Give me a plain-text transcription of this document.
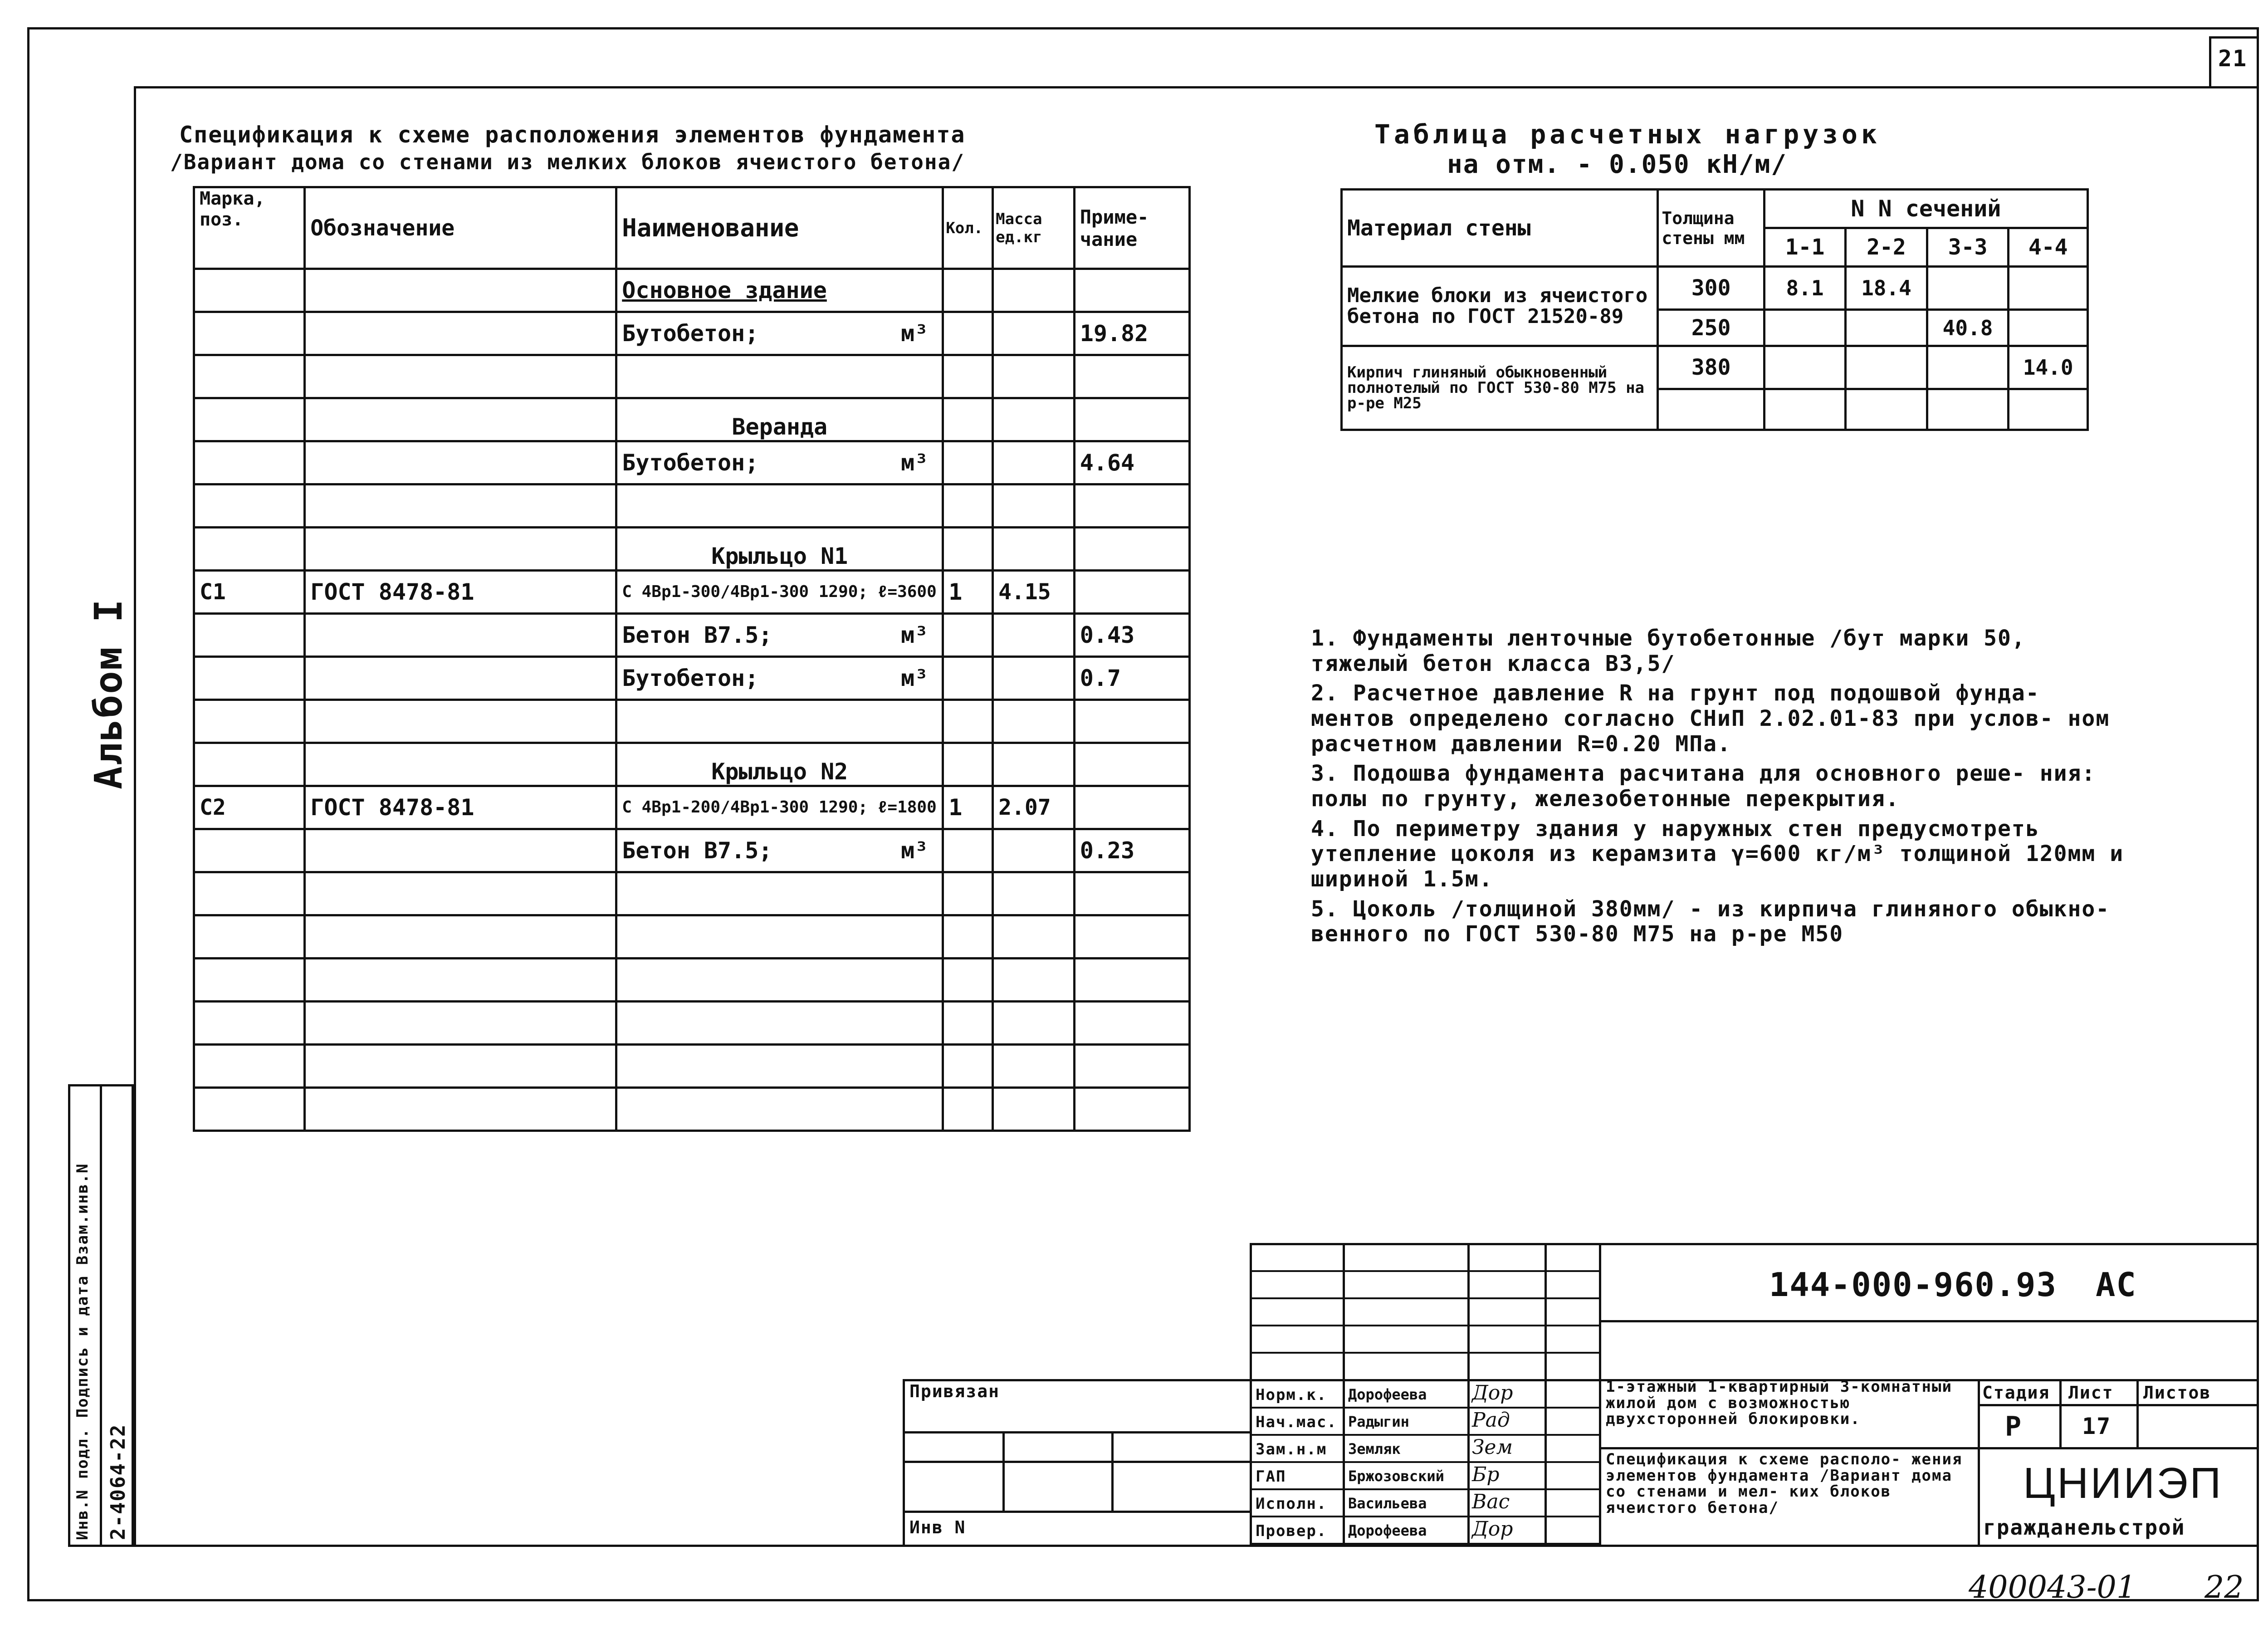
21
Альбом I
Инв.N подл. Подпись и дата Взам.инв.N 2-4064-22
Спецификация к схеме расположения элементов фундамента
/Вариант дома со стенами из мелких блоков ячеистого бетона/
Марка, поз.	Обозначение	Наименование	Кол.	Масса ед.кг	Приме- чание
		Основное здание			
		Бутобетон; м³			19.82

		Веранда			
		Бутобетон; м³			4.64

		Крыльцо N1			
С1	ГОСТ 8478-81	С 4Вр1-300/4Вр1-300 1290; ℓ=3600	1	4.15	
		Бетон В7.5; м³			0.43
		Бутобетон; м³			0.7

		Крыльцо N2			
С2	ГОСТ 8478-81	С 4Вр1-200/4Вр1-300 1290; ℓ=1800	1	2.07	
		Бетон В7.5; м³			0.23

Таблица расчетных нагрузок
на отм. - 0.050 кН/м/
Материал стены	Толщина стены мм	N N сечений			
		1-1	2-2	3-3	4-4
Мелкие блоки из ячеистого бетона по ГОСТ 21520-89	300	8.1	18.4		
	250			40.8	
Кирпич глиняный обыкновенный полнотелый по ГОСТ 530-80 М75 на р-ре М25	380				14.0

1. Фундаменты ленточные бутобетонные /бут марки 50, тяжелый бетон класса В3,5/
2. Расчетное давление R на грунт под подошвой фунда- ментов определено согласно СНиП 2.02.01-83 при услов- ном расчетном давлении R=0.20 МПа.
3. Подошва фундамента расчитана для основного реше- ния: полы по грунту, железобетонные перекрытия.
4. По периметру здания у наружных стен предусмотреть утепление цоколя из керамзита γ=600 кг/м³ толщиной 120мм и шириной 1.5м.
5. Цоколь /толщиной 380мм/ - из кирпича глиняного обыкно- венного по ГОСТ 530-80 М75 на р-ре М50
144-000-960.93 АС
Привязан
Инв N
Норм.к. Дорофеева Дор
Нач.мас. Радыгин	Рад
Зам.н.м Земляк	Зем
ГАП	Бржозовский Бр
Исполн. Васильева Вас
Провер. Дорофеева Дор
1-этажный 1-квартирный 3-комнатный жилой дом с возможностью двухсторонней блокировки.
Спецификация к схеме располо- жения элементов фундамента /Вариант дома со стенами и мел- ких блоков ячеистого бетона/
Стадия Лист Листов
Р	17
ЦНИИЭП
гражданельстрой
400043-01 22
